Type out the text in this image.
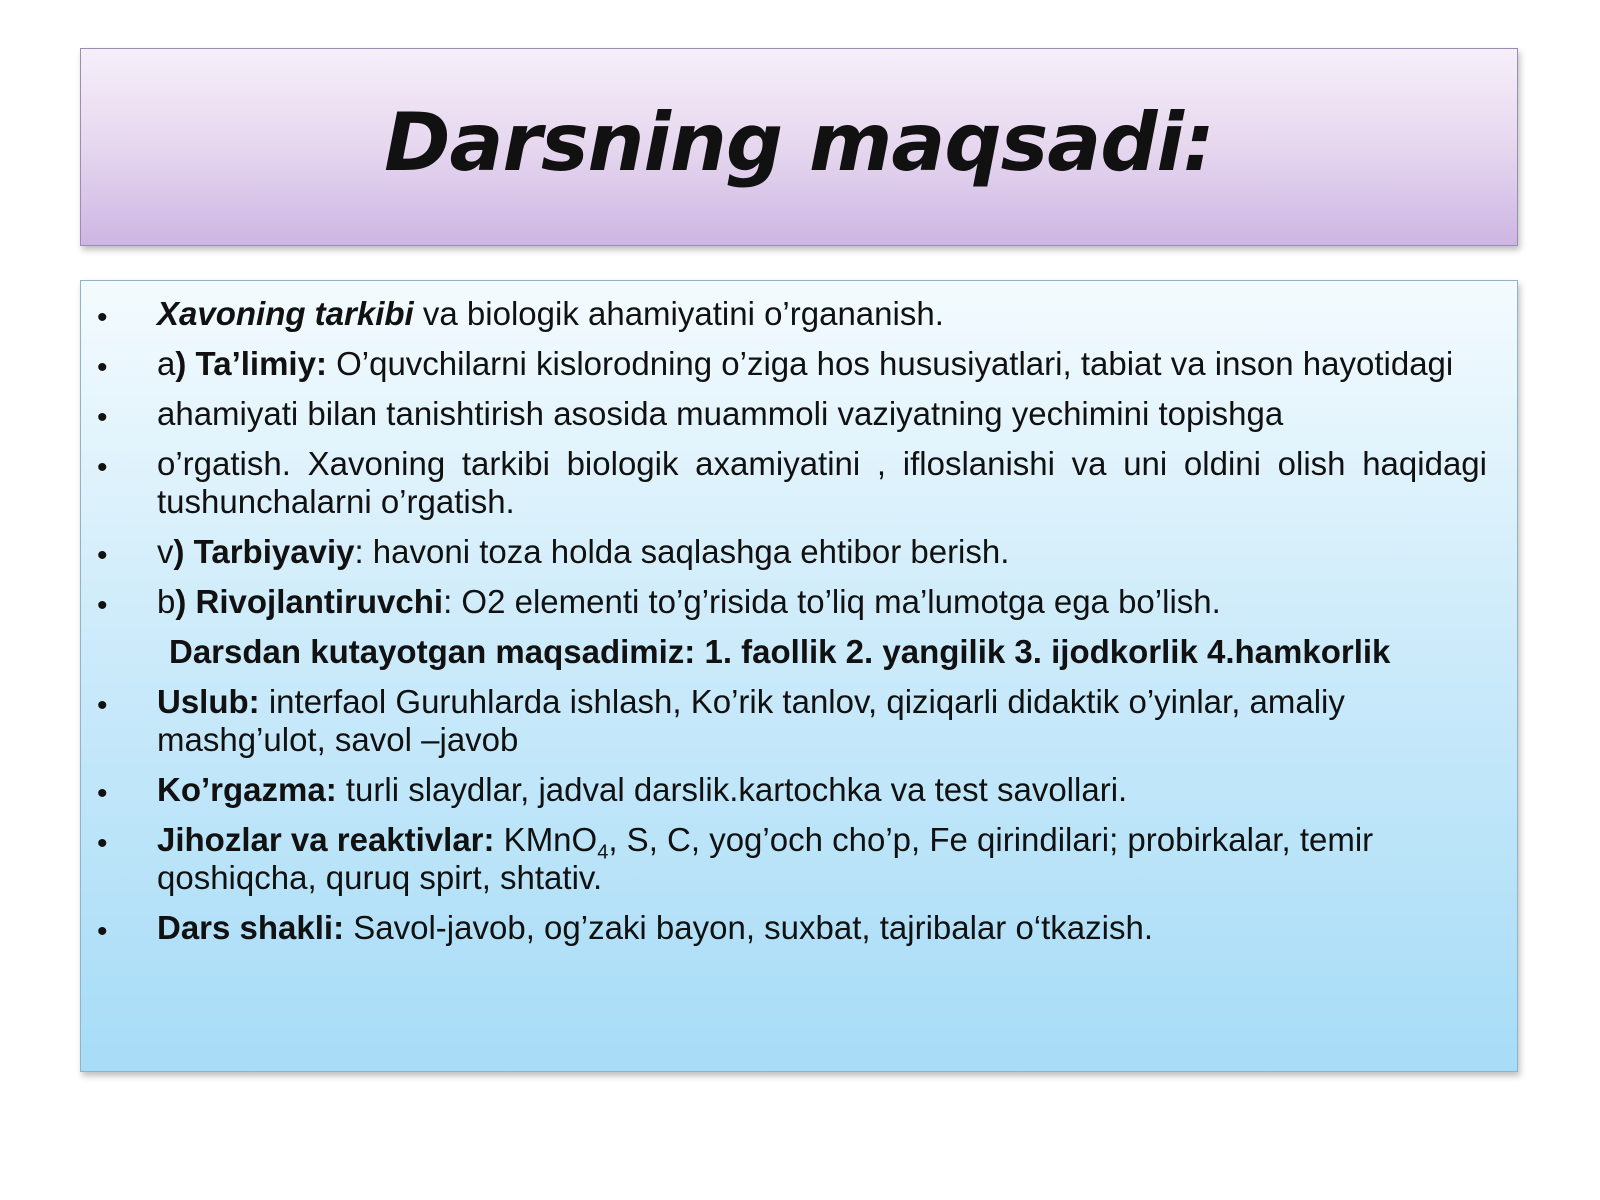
Darsning maqsadi:
• Xavoning tarkibi va biologik ahamiyatini o’rgananish.
• a) Ta’limiy: O’quvchilarni kislorodning o’ziga hos hususiyatlari, tabiat va inson hayotidagi
• ahamiyati bilan tanishtirish asosida muammoli vaziyatning yechimini topishga
• o’rgatish. Xavoning tarkibi biologik axamiyatini , ifloslanishi va uni oldini olish haqidagi tushunchalarni o’rgatish.
• v) Tarbiyaviy: havoni toza holda saqlashga ehtibor berish.
• b) Rivojlantiruvchi: O2 elementi to’g’risida to’liq ma’lumotga ega bo’lish.
Darsdan kutayotgan maqsadimiz: 1. faollik 2. yangilik 3. ijodkorlik 4.hamkorlik
• Uslub: interfaol Guruhlarda ishlash, Ko’rik tanlov, qiziqarli didaktik o’yinlar, amaliy mashg’ulot, savol –javob
• Ko’rgazma: turli slaydlar, jadval darslik.kartochka va test savollari.
• Jihozlar va reaktivlar: KMnO$_4$, S, C, yog’och cho’p, Fe qirindilari; probirkalar, temir qoshiqcha, quruq spirt, shtativ.
• Dars shakli: Savol-javob, og’zaki bayon, suxbat, tajribalar o‘tkazish.
